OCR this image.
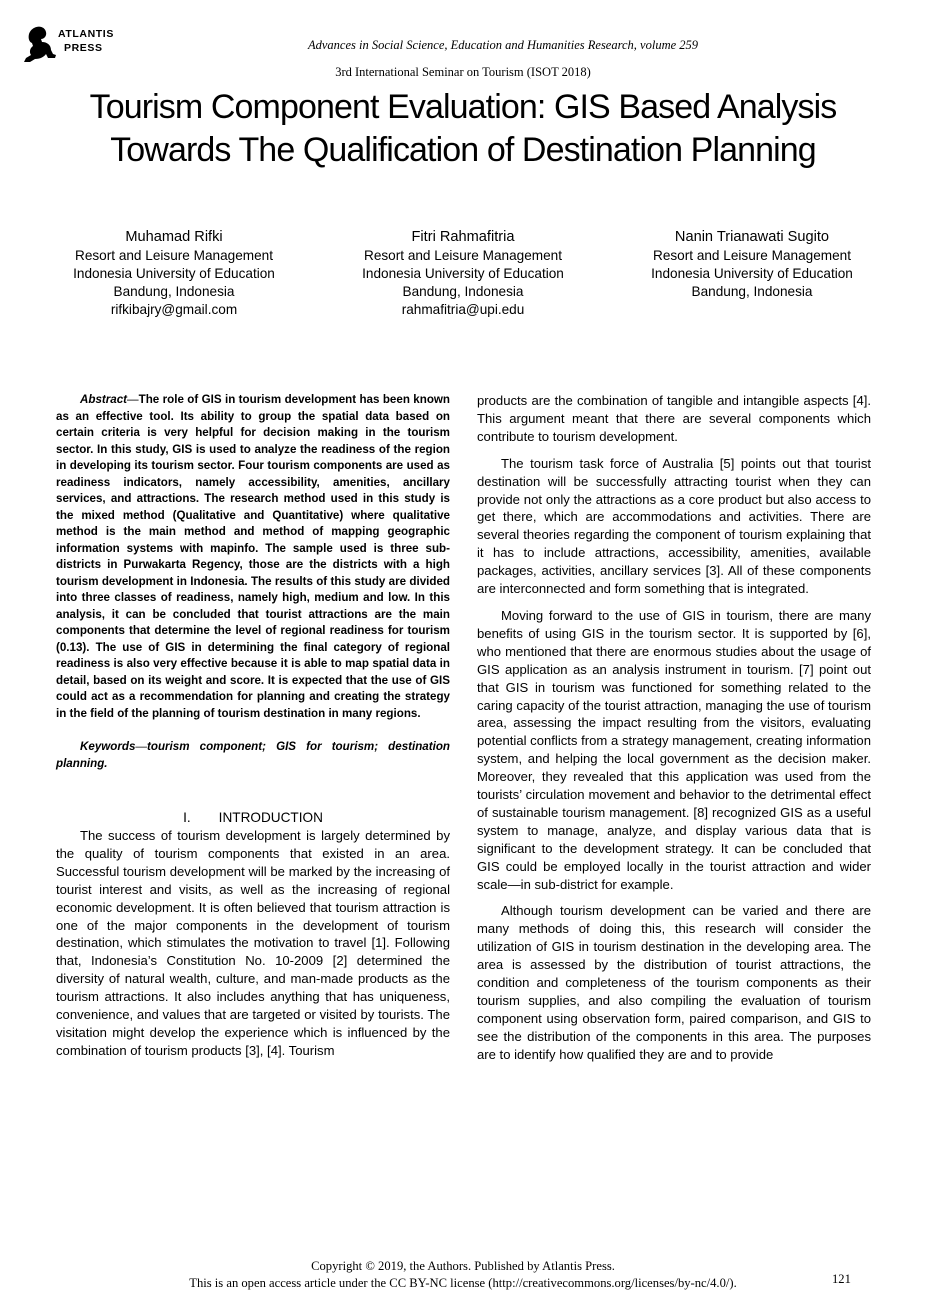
ATLANTIS
PRESS	Advances in Social Science, Education and Humanities Research, volume 259
3rd International Seminar on Tourism (ISOT 2018)
Tourism Component Evaluation: GIS Based Analysis
Towards The Qualification of Destination Planning
Muhamad Rifki
Resort and Leisure Management
Indonesia University of Education
Bandung, Indonesia
rifkibajry@gmail.com
Fitri Rahmafitria
Resort and Leisure Management
Indonesia University of Education
Bandung, Indonesia
rahmafitria@upi.edu
Nanin Trianawati Sugito
Resort and Leisure Management
Indonesia University of Education
Bandung, Indonesia

Abstract—The role of GIS in tourism development has been known as an effective tool. Its ability to group the spatial data based on certain criteria is very helpful for decision making in the tourism sector. In this study, GIS is used to analyze the readiness of the region in developing its tourism sector. Four tourism components are used as readiness indicators, namely accessibility, amenities, ancillary services, and attractions. The research method used in this study is the mixed method (Qualitative and Quantitative) where qualitative method is the main method and method of mapping geographic information systems with mapinfo. The sample used is three sub-districts in Purwakarta Regency, those are the districts with a high tourism development in Indonesia. The results of this study are divided into three classes of readiness, namely high, medium and low. In this analysis, it can be concluded that tourist attractions are the main components that determine the level of regional readiness for tourism (0.13). The use of GIS in determining the final category of regional readiness is also very effective because it is able to map spatial data in detail, based on its weight and score. It is expected that the use of GIS could act as a recommendation for planning and creating the strategy in the field of the planning of tourism destination in many regions.

Keywords—tourism component; GIS for tourism; destination planning.

I. INTRODUCTION

The success of tourism development is largely determined by the quality of tourism components that existed in an area. Successful tourism development will be marked by the increasing of tourist interest and visits, as well as the increasing of regional economic development. It is often believed that tourism attraction is one of the major components in the development of tourism destination, which stimulates the motivation to travel [1]. Following that, Indonesia’s Constitution No. 10-2009 [2] determined the diversity of natural wealth, culture, and man-made products as the tourism attractions. It also includes anything that has uniqueness, convenience, and values that are targeted or visited by tourists. The visitation might develop the experience which is influenced by the combination of tourism products [3], [4]. Tourism

products are the combination of tangible and intangible aspects [4]. This argument meant that there are several components which contribute to tourism development.

The tourism task force of Australia [5] points out that tourist destination will be successfully attracting tourist when they can provide not only the attractions as a core product but also access to get there, which are accommodations and activities. There are several theories regarding the component of tourism explaining that it has to include attractions, accessibility, amenities, available packages, activities, ancillary services [3]. All of these components are interconnected and form something that is integrated.

Moving forward to the use of GIS in tourism, there are many benefits of using GIS in the tourism sector. It is supported by [6], who mentioned that there are enormous studies about the usage of GIS application as an analysis instrument in tourism. [7] point out that GIS in tourism was functioned for something related to the caring capacity of the tourist attraction, managing the use of tourism area, assessing the impact resulting from the visitors, evaluating potential conflicts from a strategy management, creating information system, and helping the local government as the decision maker. Moreover, they revealed that this application was used from the tourists’ circulation movement and behavior to the detrimental effect of sustainable tourism management. [8] recognized GIS as a useful system to manage, analyze, and display various data that is significant to the development strategy. It can be concluded that GIS could be employed locally in the tourist attraction and wider scale—in sub-district for example.

Although tourism development can be varied and there are many methods of doing this, this research will consider the utilization of GIS in tourism destination in the developing area. The area is assessed by the distribution of tourist attractions, the condition and completeness of the tourism components as their tourism supplies, and also compiling the evaluation of tourism component using observation form, paired comparison, and GIS to see the distribution of the components in this area. The purposes are to identify how qualified they are and to provide

Copyright © 2019, the Authors. Published by Atlantis Press.
This is an open access article under the CC BY-NC license (http://creativecommons.org/licenses/by-nc/4.0/).	121
